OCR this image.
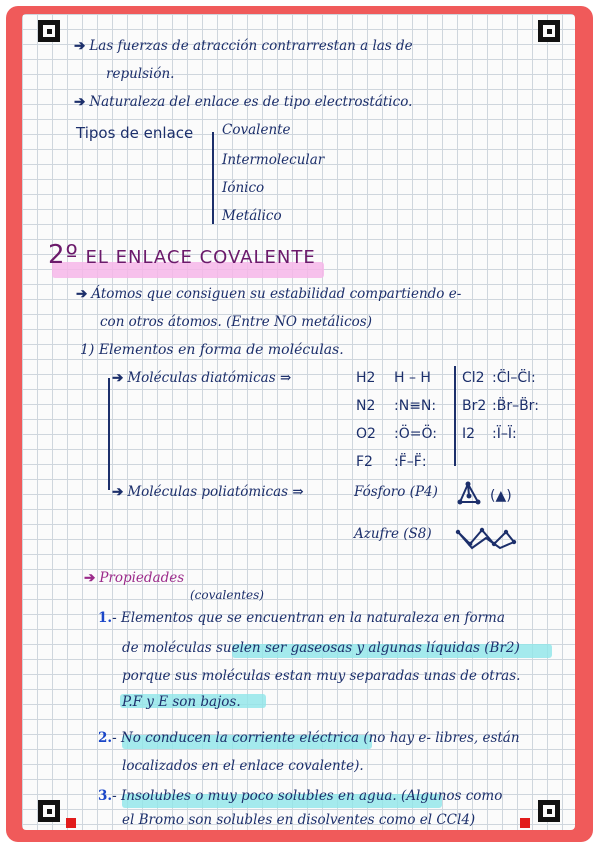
➔ Las fuerzas de atracción contrarrestan a las de
repulsión.
➔ Naturaleza del enlace es de tipo electrostático.
Tipos de enlace Covalente
Intermolecular
Iónico
Metálico
2º EL ENLACE COVALENTE
➔ Átomos que consiguen su estabilidad compartiendo e-
con otros átomos. (Entre NO metálicos)
1) Elementos en forma de moléculas.
➔ Moléculas diatómicas ⇒	H2 H – H
N2 :N≡N:
O2 :Ö=Ö:
F2 :F̈–F̈:
Cl2 :C̈l–C̈l:
Br2 :B̈r–B̈r:
I2 :Ï–Ï:
➔ Moléculas poliatómicas ⇒	Fósforo (P4)	(▲)
Azufre (S8)
➔ Propiedades
(covalentes)
1.- Elementos que se encuentran en la naturaleza en forma
de moléculas suelen ser gaseosas y algunas líquidas (Br2)
porque sus moléculas estan muy separadas unas de otras.
P.F y E son bajos.
2.- No conducen la corriente eléctrica (no hay e- libres, están
localizados en el enlace covalente).
3.- Insolubles o muy poco solubles en agua. (Algunos como
el Bromo son solubles en disolventes como el CCl4)
